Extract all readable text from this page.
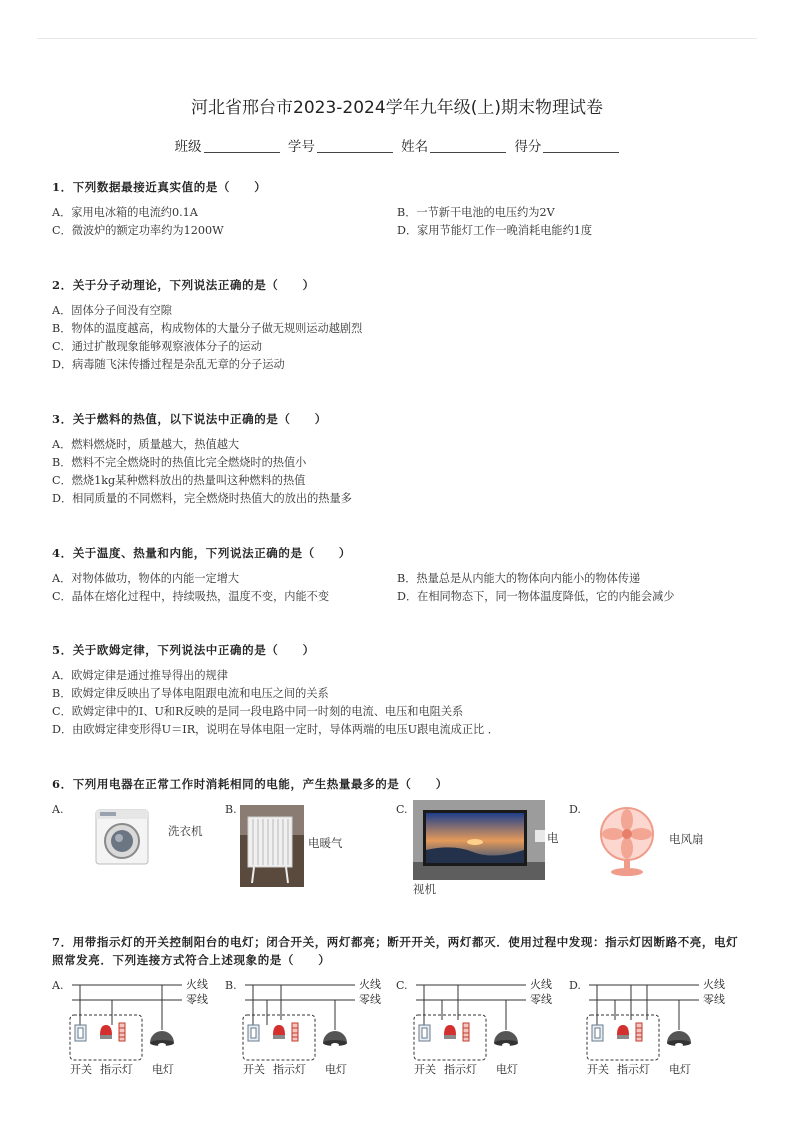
河北省邢台市2023-2024学年九年级(上)期末物理试卷
班级	学号	姓名	得分
1．下列数据最接近真实值的是（　　）
A．家用电冰箱的电流约0.1A	B．一节新干电池的电压约为2V
C．微波炉的额定功率约为1200W	D．家用节能灯工作一晚消耗电能约1度
2．关于分子动理论，下列说法正确的是（　　）
A．固体分子间没有空隙
B．物体的温度越高，构成物体的大量分子做无规则运动越剧烈
C．通过扩散现象能够观察液体分子的运动
D．病毒随飞沫传播过程是杂乱无章的分子运动
3．关于燃料的热值，以下说法中正确的是（　　）
A．燃料燃烧时，质量越大，热值越大
B．燃料不完全燃烧时的热值比完全燃烧时的热值小
C．燃烧1kg某种燃料放出的热量叫这种燃料的热值
D．相同质量的不同燃料，完全燃烧时热值大的放出的热量多
4．关于温度、热量和内能，下列说法正确的是（　　）
A．对物体做功，物体的内能一定增大	B．热量总是从内能大的物体向内能小的物体传递
C．晶体在熔化过程中，持续吸热，温度不变，内能不变	D．在相同物态下，同一物体温度降低，它的内能会减少
5．关于欧姆定律，下列说法中正确的是（　　）
A．欧姆定律是通过推导得出的规律
B．欧姆定律反映出了导体电阻跟电流和电压之间的关系
C．欧姆定律中的I、U和R反映的是同一段电路中同一时刻的电流、电压和电阻关系
D．由欧姆定律变形得U＝IR，说明在导体电阻一定时，导体两端的电压U跟电流成正比 ．
6．下列用电器在正常工作时消耗相同的电能，产生热量最多的是（　　）
A.
洗衣机
B.
电暖气
C.
电
视机
D.
电风扇
7．用带指示灯的开关控制阳台的电灯；闭合开关，两灯都亮；断开开关，两灯都灭．使用过程中发现：指示灯因断路不亮，电灯
照常发亮．下列连接方式符合上述现象的是（　　）
A.	火线
零线
开关 指示灯 电灯
B.	火线
零线
开关 指示灯 电灯
C.	火线
零线
开关 指示灯 电灯
D.	火线
零线
开关 指示灯 电灯
